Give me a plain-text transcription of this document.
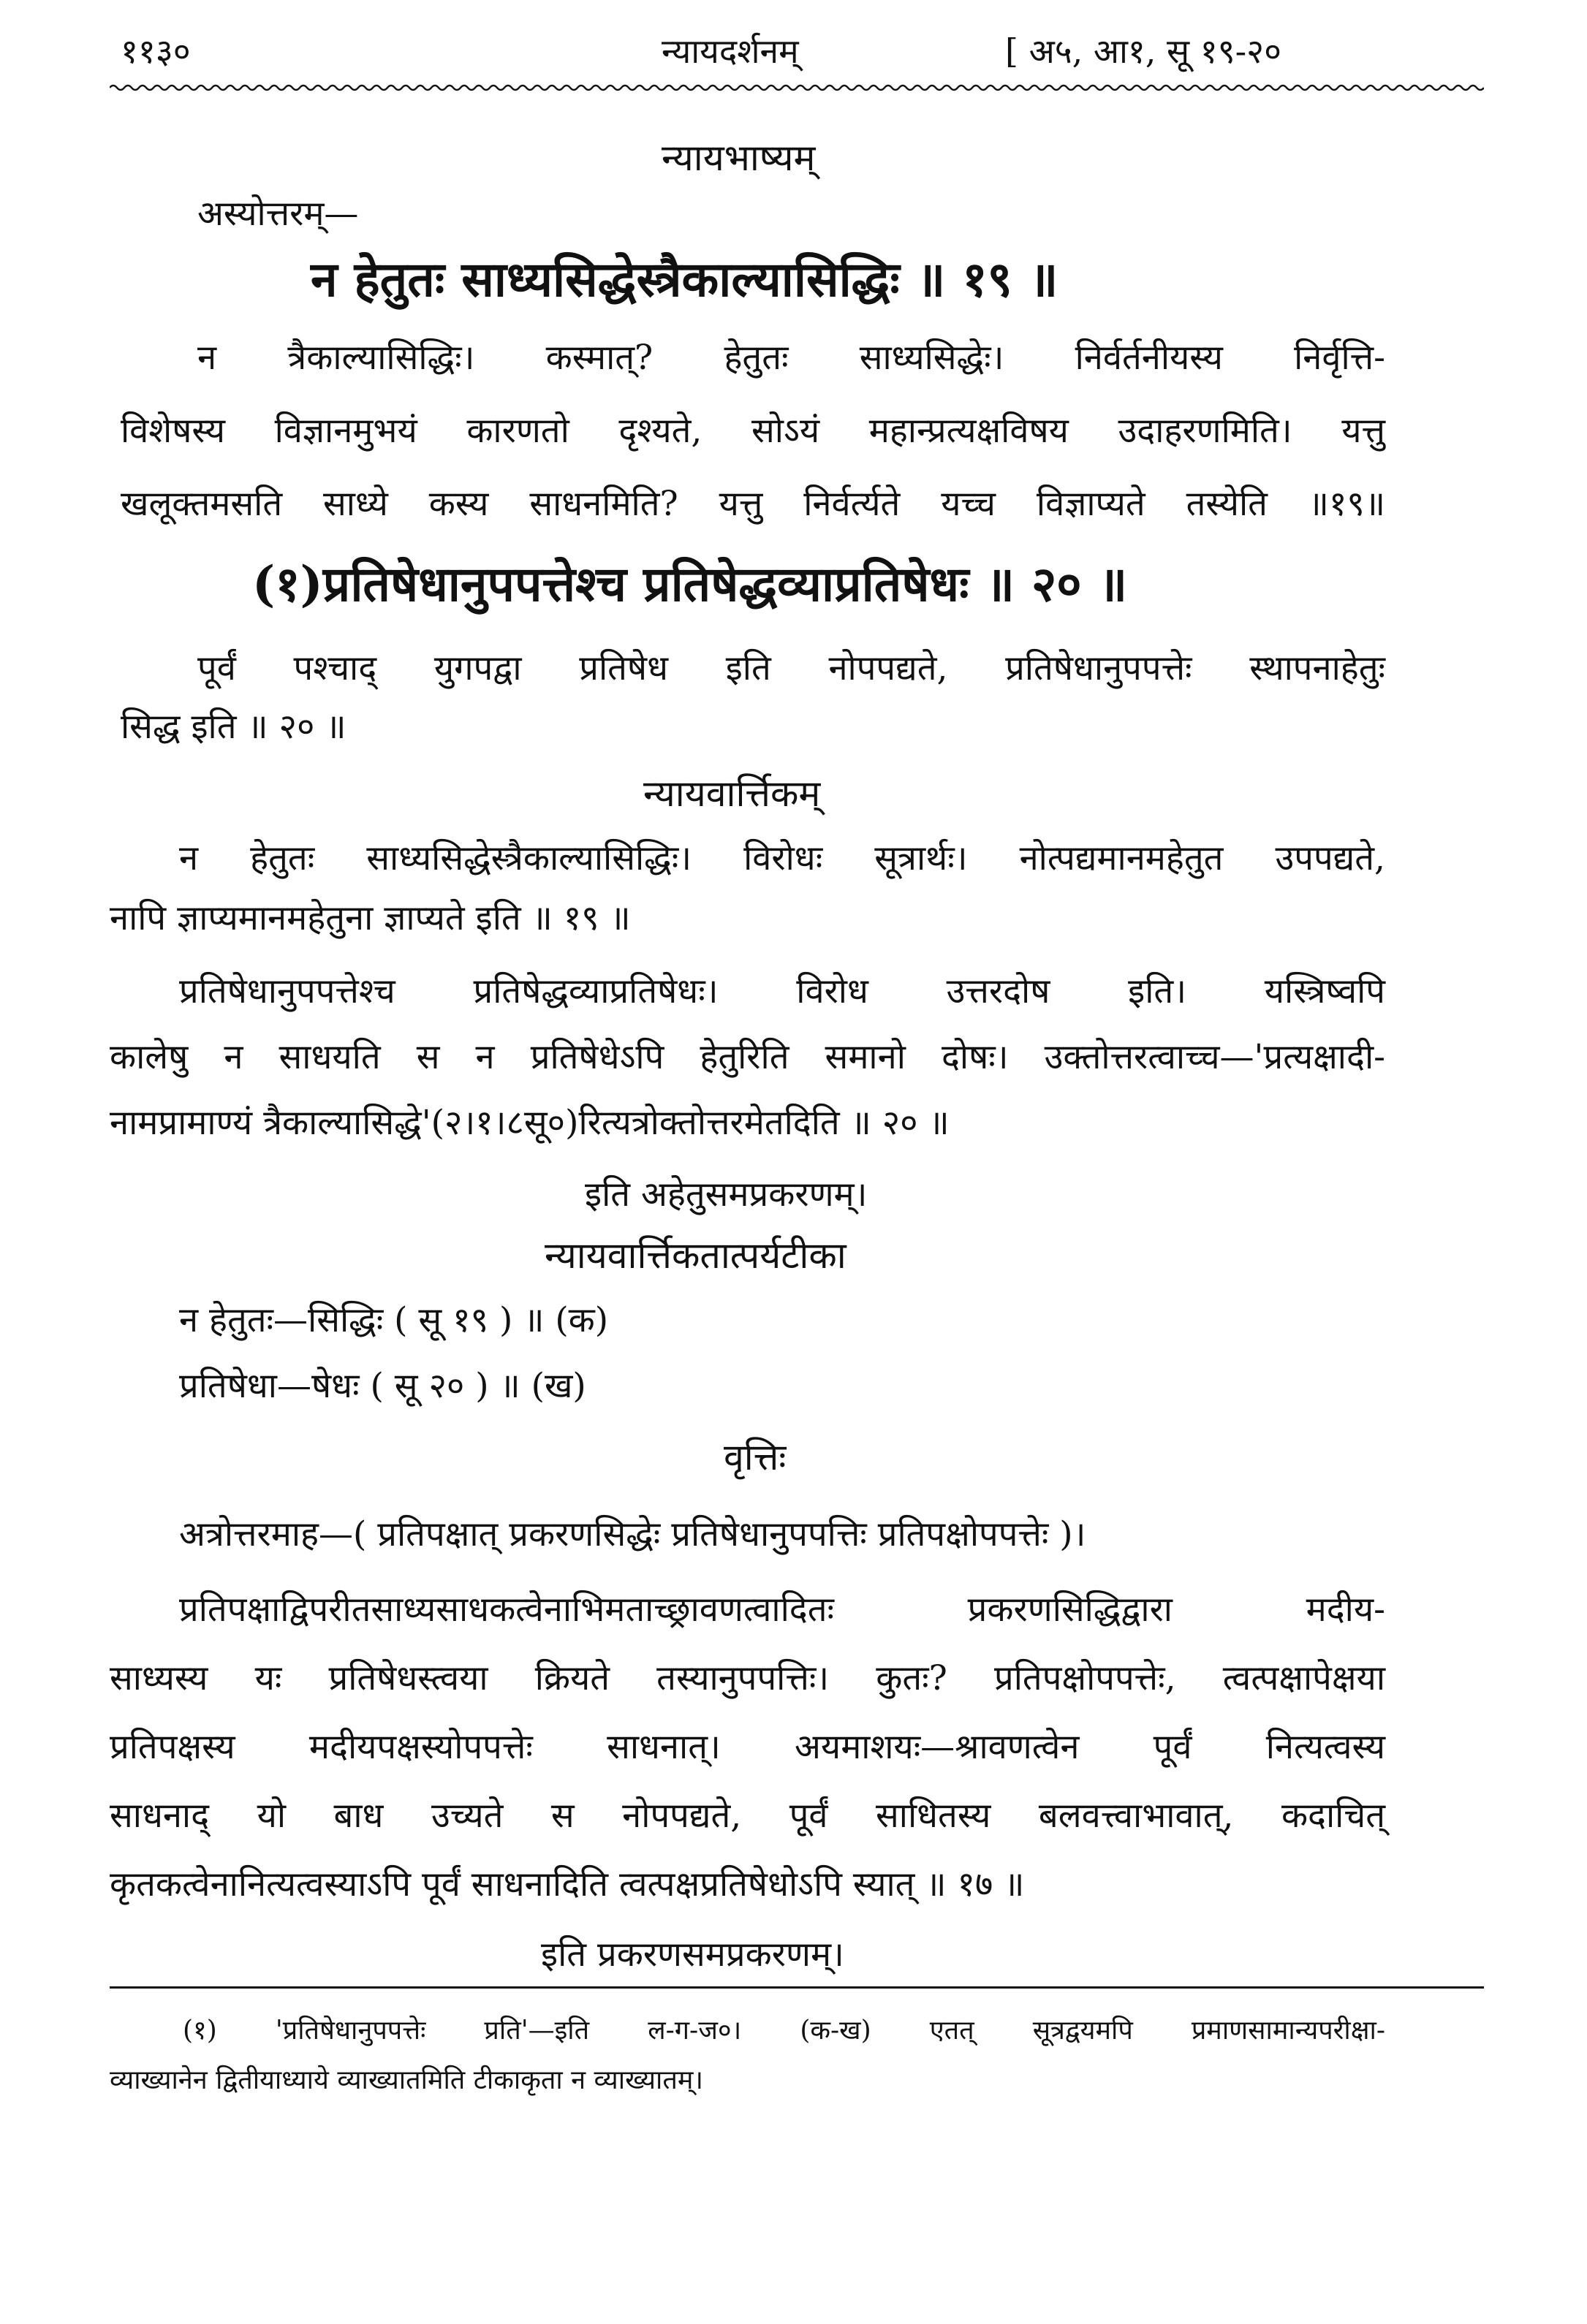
११३०	न्यायदर्शनम्	[ अ५, आ१, सू १९-२०
न्यायभाष्यम्
अस्योत्तरम्—
न हेतुतः साध्यसिद्धेस्त्रैकाल्यासिद्धिः ॥ १९ ॥
न त्रैकाल्यासिद्धिः। कस्मात्? हेतुतः साध्यसिद्धेः। निर्वर्तनीयस्य निर्वृत्ति-
विशेषस्य विज्ञानमुभयं कारणतो दृश्यते, सोऽयं महान्प्रत्यक्षविषय उदाहरणमिति। यत्तु
खलूक्तमसति साध्ये कस्य साधनमिति? यत्तु निर्वर्त्यते यच्च विज्ञाप्यते तस्येति ॥१९॥
(१)प्रतिषेधानुपपत्तेश्च प्रतिषेद्धव्याप्रतिषेधः ॥ २० ॥
पूर्वं पश्चाद् युगपद्वा प्रतिषेध इति नोपपद्यते, प्रतिषेधानुपपत्तेः स्थापनाहेतुः
सिद्ध इति ॥ २० ॥
न्यायवार्त्तिकम्
न हेतुतः साध्यसिद्धेस्त्रैकाल्यासिद्धिः। विरोधः सूत्रार्थः। नोत्पद्यमानमहेतुत उपपद्यते,
नापि ज्ञाप्यमानमहेतुना ज्ञाप्यते इति ॥ १९ ॥
प्रतिषेधानुपपत्तेश्च प्रतिषेद्धव्याप्रतिषेधः। विरोध उत्तरदोष इति। यस्त्रिष्वपि
कालेषु न साधयति स न प्रतिषेधेऽपि हेतुरिति समानो दोषः। उक्तोत्तरत्वाच्च—'प्रत्यक्षादी-
नामप्रामाण्यं त्रैकाल्यासिद्धे'(२।१।८सू०)रित्यत्रोक्तोत्तरमेतदिति ॥ २० ॥
इति अहेतुसमप्रकरणम्।
न्यायवार्त्तिकतात्पर्यटीका
न हेतुतः—सिद्धिः ( सू १९ ) ॥ (क)
प्रतिषेधा—षेधः ( सू २० ) ॥ (ख)
वृत्तिः
अत्रोत्तरमाह—( प्रतिपक्षात् प्रकरणसिद्धेः प्रतिषेधानुपपत्तिः प्रतिपक्षोपपत्तेः )।
प्रतिपक्षाद्विपरीतसाध्यसाधकत्वेनाभिमताच्छ्रावणत्वादितः प्रकरणसिद्धिद्वारा मदीय-
साध्यस्य यः प्रतिषेधस्त्वया क्रियते तस्यानुपपत्तिः। कुतः? प्रतिपक्षोपपत्तेः, त्वत्पक्षापेक्षया
प्रतिपक्षस्य मदीयपक्षस्योपपत्तेः साधनात्। अयमाशयः—श्रावणत्वेन पूर्वं नित्यत्वस्य
साधनाद् यो बाध उच्यते स नोपपद्यते, पूर्वं साधितस्य बलवत्त्वाभावात्, कदाचित्
कृतकत्वेनानित्यत्वस्याऽपि पूर्वं साधनादिति त्वत्पक्षप्रतिषेधोऽपि स्यात् ॥ १७ ॥
इति प्रकरणसमप्रकरणम्।
(१) 'प्रतिषेधानुपपत्तेः प्रति'—इति ल-ग-ज०। (क-ख) एतत् सूत्रद्वयमपि प्रमाणसामान्यपरीक्षा-
व्याख्यानेन द्वितीयाध्याये व्याख्यातमिति टीकाकृता न व्याख्यातम्।
